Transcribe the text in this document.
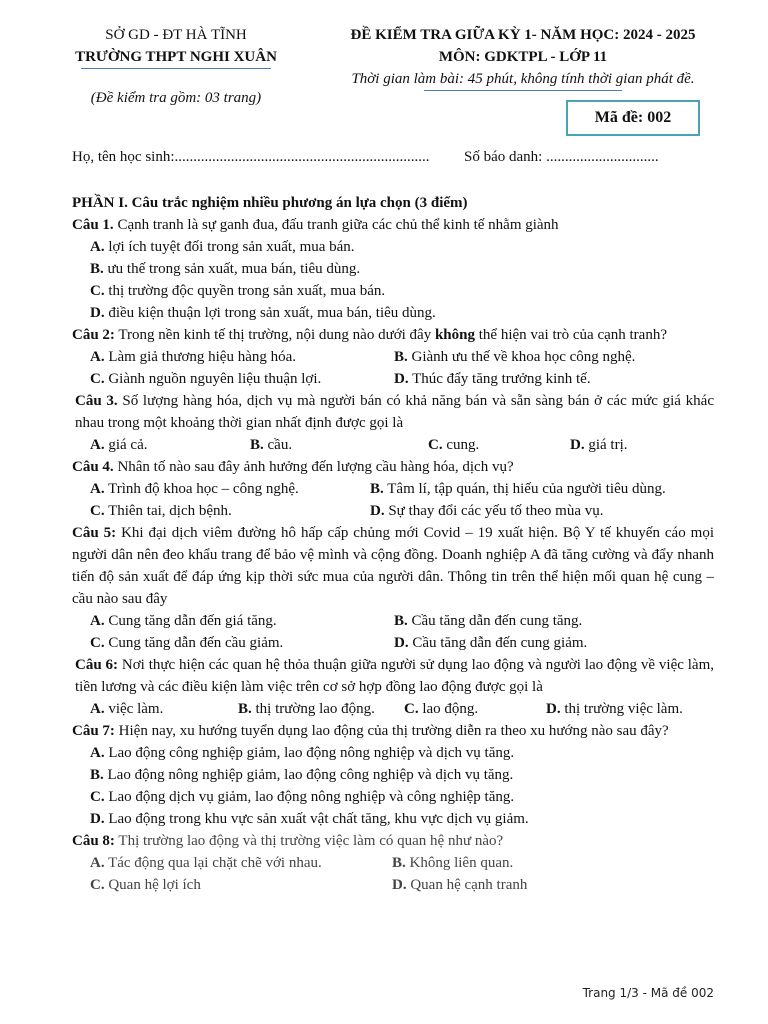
SỞ GD - ĐT HÀ TĨNH
TRƯỜNG THPT NGHI XUÂN
(Đề kiểm tra gồm: 03 trang)
ĐỀ KIỂM TRA GIỮA KỲ 1- NĂM HỌC: 2024 - 2025
MÔN: GDKTPL - LỚP 11
Thời gian làm bài: 45 phút, không tính thời gian phát đề.
Mã đề: 002
Họ, tên học sinh:.................................................................... Số báo danh: ..............................
PHẦN I. Câu trắc nghiệm nhiều phương án lựa chọn (3 điểm)
Câu 1. Cạnh tranh là sự ganh đua, đấu tranh giữa các chủ thể kinh tế nhằm giành
A. lợi ích tuyệt đối trong sản xuất, mua bán.
B. ưu thế trong sản xuất, mua bán, tiêu dùng.
C. thị trường độc quyền trong sản xuất, mua bán.
D. điều kiện thuận lợi trong sản xuất, mua bán, tiêu dùng.
Câu 2: Trong nền kinh tế thị trường, nội dung nào dưới đây không thể hiện vai trò của cạnh tranh?
A. Làm giả thương hiệu hàng hóa.	B. Giành ưu thế về khoa học công nghệ.
C. Giành nguồn nguyên liệu thuận lợi.	D. Thúc đẩy tăng trưởng kinh tế.
Câu 3. Số lượng hàng hóa, dịch vụ mà người bán có khả năng bán và sẵn sàng bán ở các mức giá khác nhau trong một khoảng thời gian nhất định được gọi là
A. giá cả.	B. cầu.	C. cung.	D. giá trị.
Câu 4. Nhân tố nào sau đây ảnh hưởng đến lượng cầu hàng hóa, dịch vụ?
A. Trình độ khoa học – công nghệ.	B. Tâm lí, tập quán, thị hiếu của người tiêu dùng.
C. Thiên tai, dịch bệnh.	D. Sự thay đổi các yếu tố theo mùa vụ.
Câu 5: Khi đại dịch viêm đường hô hấp cấp chủng mới Covid – 19 xuất hiện. Bộ Y tế khuyến cáo mọi người dân nên đeo khẩu trang để bảo vệ mình và cộng đồng. Doanh nghiệp A đã tăng cường và đẩy nhanh tiến độ sản xuất để đáp ứng kịp thời sức mua của người dân. Thông tin trên thể hiện mối quan hệ cung – cầu nào sau đây
A. Cung tăng dẫn đến giá tăng.	B. Cầu tăng dẫn đến cung tăng.
C. Cung tăng dẫn đến cầu giảm.	D. Cầu tăng dẫn đến cung giảm.
Câu 6: Nơi thực hiện các quan hệ thỏa thuận giữa người sử dụng lao động và người lao động về việc làm, tiền lương và các điều kiện làm việc trên cơ sở hợp đồng lao động được gọi là
A. việc làm.	B. thị trường lao động.	C. lao động.	D. thị trường việc làm.
Câu 7: Hiện nay, xu hướng tuyển dụng lao động của thị trường diễn ra theo xu hướng nào sau đây?
A. Lao động công nghiệp giảm, lao động nông nghiệp và dịch vụ tăng.
B. Lao động nông nghiệp giảm, lao động công nghiệp và dịch vụ tăng.
C. Lao động dịch vụ giảm, lao động nông nghiệp và công nghiệp tăng.
D. Lao động trong khu vực sản xuất vật chất tăng, khu vực dịch vụ giảm.
Câu 8: Thị trường lao động và thị trường việc làm có quan hệ như nào?
A. Tác động qua lại chặt chẽ với nhau.	B. Không liên quan.
C. Quan hệ lợi ích	D. Quan hệ cạnh tranh
Trang 1/3 - Mã đề 002
